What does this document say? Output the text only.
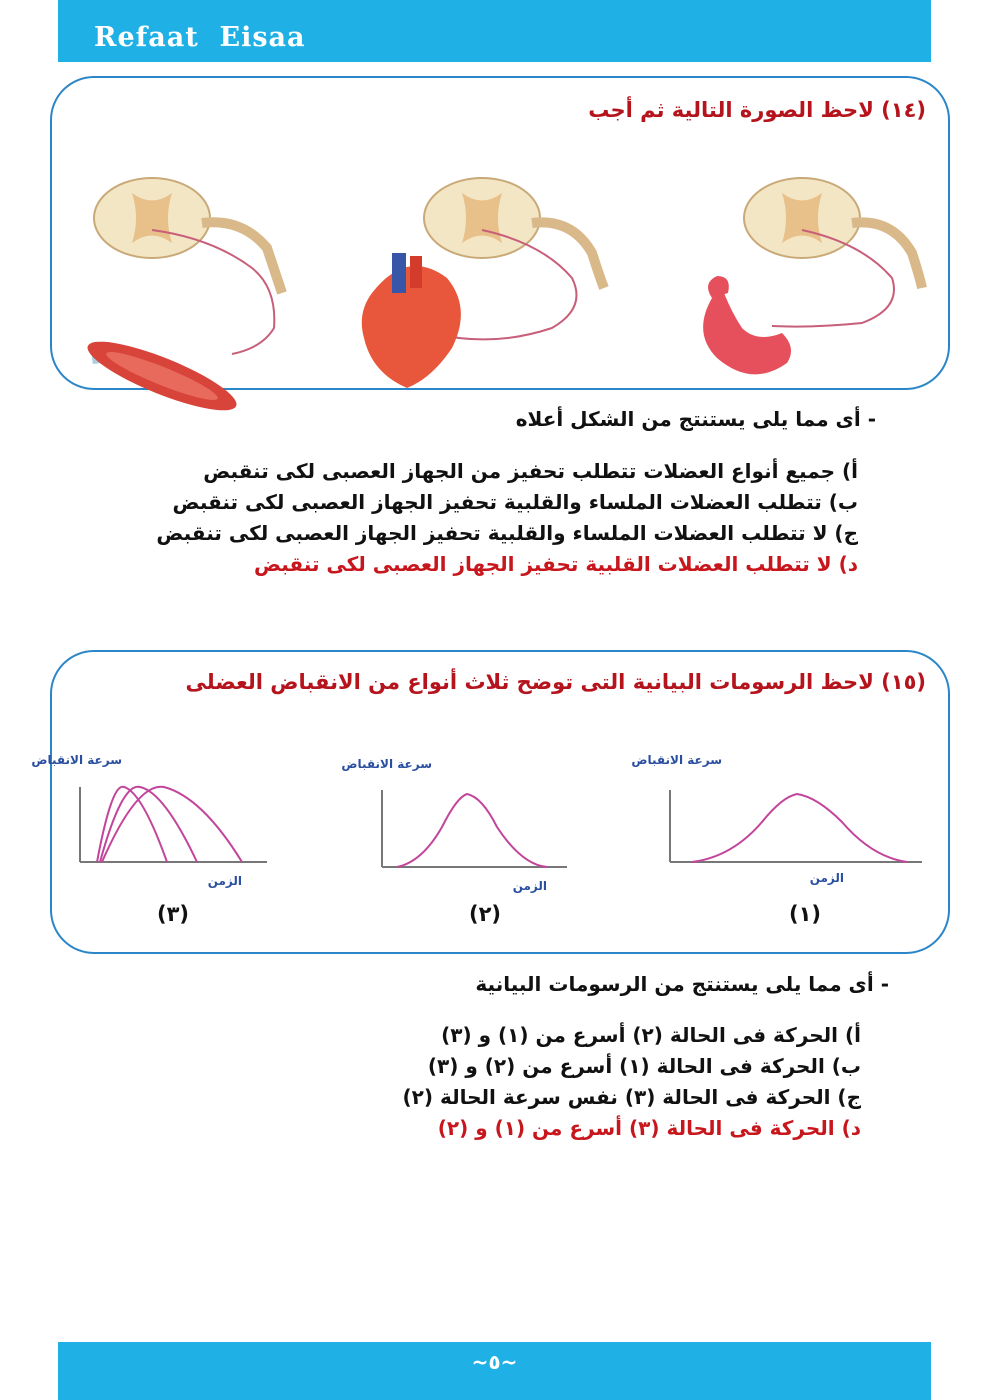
Refaat  Eisaa
(١٤) لاحظ الصورة التالية ثم أجب
- أى مما يلى يستنتج من الشكل أعلاه
أ) جميع أنواع العضلات تتطلب تحفيز من الجهاز العصبى لكى تنقبض
ب) تتطلب العضلات الملساء والقلبية تحفيز الجهاز العصبى لكى تنقبض
ج) لا تتطلب العضلات الملساء والقلبية تحفيز الجهاز العصبى لكى تنقبض
د) لا تتطلب العضلات القلبية تحفيز الجهاز العصبى لكى تنقبض
(١٥) لاحظ الرسومات البيانية التى توضح ثلاث أنواع من الانقباض العضلى
سرعة الانقباض
الزمن
سرعة الانقباض
الزمن
سرعة الانقباض
الزمن
(٣)	(٢)	(١)
- أى مما يلى يستنتج من الرسومات البيانية
أ) الحركة فى الحالة (٢) أسرع من (١) و (٣)
ب) الحركة فى الحالة (١) أسرع من (٢) و (٣)
ج) الحركة فى الحالة (٣) نفس سرعة الحالة (٢)
د) الحركة فى الحالة (٣) أسرع من (١) و (٢)
~٥~
